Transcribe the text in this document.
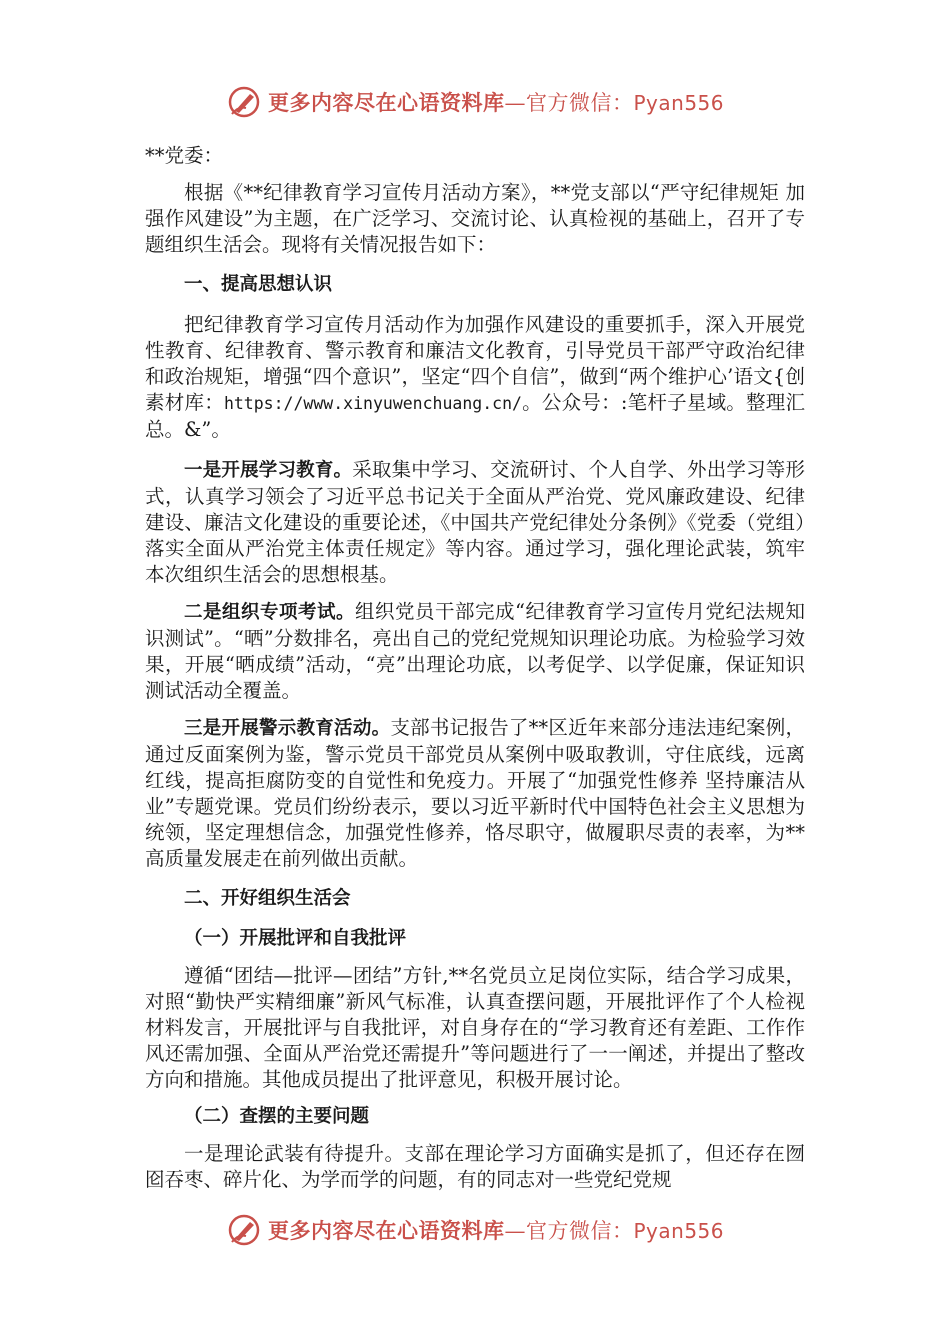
更多内容尽在心语资料库—官方微信：Pyan556

**党委：

根据《**纪律教育学习宣传月活动方案》，**党支部以“严守纪律规矩 加强作风建设”为主题，在广泛学习、交流讨论、认真检视的基础上，召开了专题组织生活会。现将有关情况报告如下：

一、提高思想认识

把纪律教育学习宣传月活动作为加强作风建设的重要抓手，深入开展党性教育、纪律教育、警示教育和廉洁文化教育，引导党员干部严守政治纪律和政治规矩，增强“四个意识”，坚定“四个自信”，做到“两个维护心’语文{创素材库：https://www.xinyuwenchuang.cn/。公众号：:笔杆子星域。整理汇总。&”。

一是开展学习教育。采取集中学习、交流研讨、个人自学、外出学习等形式，认真学习领会了习近平总书记关于全面从严治党、党风廉政建设、纪律建设、廉洁文化建设的重要论述，《中国共产党纪律处分条例》《党委（党组）落实全面从严治党主体责任规定》等内容。通过学习，强化理论武装，筑牢本次组织生活会的思想根基。

二是组织专项考试。组织党员干部完成“纪律教育学习宣传月党纪法规知识测试”。“晒”分数排名，亮出自己的党纪党规知识理论功底。为检验学习效果，开展“晒成绩”活动，“亮”出理论功底，以考促学、以学促廉，保证知识测试活动全覆盖。

三是开展警示教育活动。支部书记报告了**区近年来部分违法违纪案例，通过反面案例为鉴，警示党员干部党员从案例中吸取教训，守住底线，远离红线，提高拒腐防变的自觉性和免疫力。开展了“加强党性修养 坚持廉洁从业”专题党课。党员们纷纷表示，要以习近平新时代中国特色社会主义思想为统领，坚定理想信念，加强党性修养，恪尽职守，做履职尽责的表率，为**高质量发展走在前列做出贡献。

二、开好组织生活会

（一）开展批评和自我批评

遵循“团结—批评—团结”方针,**名党员立足岗位实际，结合学习成果，对照“勤快严实精细廉”新风气标准，认真查摆问题，开展批评作了个人检视材料发言，开展批评与自我批评，对自身存在的“学习教育还有差距、工作作风还需加强、全面从严治党还需提升”等问题进行了一一阐述，并提出了整改方向和措施。其他成员提出了批评意见，积极开展讨论。

（二）查摆的主要问题

一是理论武装有待提升。支部在理论学习方面确实是抓了，但还存在囫囵吞枣、碎片化、为学而学的问题，有的同志对一些党纪党规

更多内容尽在心语资料库—官方微信：Pyan556
